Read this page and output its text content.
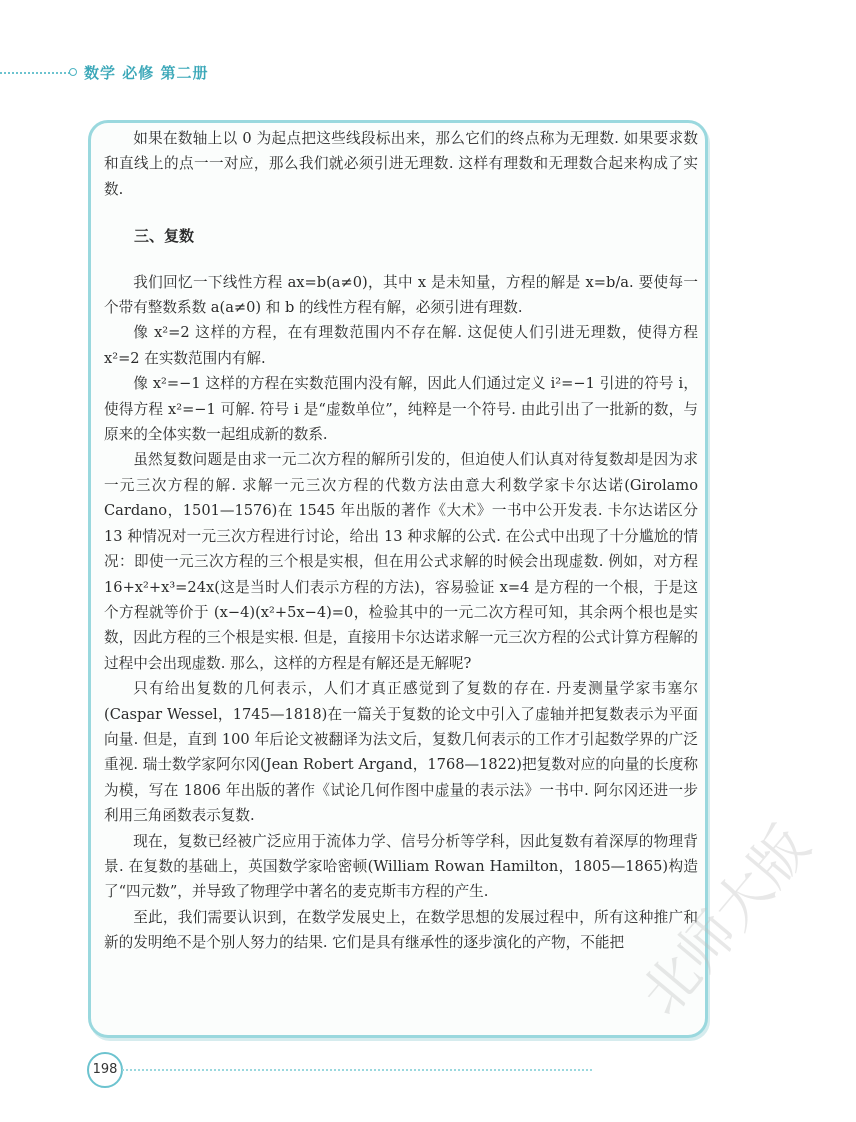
数学 必修 第二册

如果在数轴上以 0 为起点把这些线段标出来，那么它们的终点称为无理数. 如果要求数和直线上的点一一对应，那么我们就必须引进无理数. 这样有理数和无理数合起来构成了实数.

三、复数

我们回忆一下线性方程 ax=b(a≠0)，其中 x 是未知量，方程的解是 x=b/a. 要使每一个带有整数系数 a(a≠0) 和 b 的线性方程有解，必须引进有理数.

像 x²=2 这样的方程，在有理数范围内不存在解. 这促使人们引进无理数，使得方程 x²=2 在实数范围内有解.

像 x²=−1 这样的方程在实数范围内没有解，因此人们通过定义 i²=−1 引进的符号 i，使得方程 x²=−1 可解. 符号 i 是“虚数单位”，纯粹是一个符号. 由此引出了一批新的数，与原来的全体实数一起组成新的数系.

虽然复数问题是由求一元二次方程的解所引发的，但迫使人们认真对待复数却是因为求一元三次方程的解. 求解一元三次方程的代数方法由意大利数学家卡尔达诺(Girolamo Cardano，1501—1576)在 1545 年出版的著作《大术》一书中公开发表. 卡尔达诺区分 13 种情况对一元三次方程进行讨论，给出 13 种求解的公式. 在公式中出现了十分尴尬的情况：即使一元三次方程的三个根是实根，但在用公式求解的时候会出现虚数. 例如，对方程 16+x²+x³=24x(这是当时人们表示方程的方法)，容易验证 x=4 是方程的一个根，于是这个方程就等价于 (x−4)(x²+5x−4)=0，检验其中的一元二次方程可知，其余两个根也是实数，因此方程的三个根是实根. 但是，直接用卡尔达诺求解一元三次方程的公式计算方程解的过程中会出现虚数. 那么，这样的方程是有解还是无解呢?

只有给出复数的几何表示，人们才真正感觉到了复数的存在. 丹麦测量学家韦塞尔(Caspar Wessel，1745—1818)在一篇关于复数的论文中引入了虚轴并把复数表示为平面向量. 但是，直到 100 年后论文被翻译为法文后，复数几何表示的工作才引起数学界的广泛重视. 瑞士数学家阿尔冈(Jean Robert Argand，1768—1822)把复数对应的向量的长度称为模，写在 1806 年出版的著作《试论几何作图中虚量的表示法》一书中. 阿尔冈还进一步利用三角函数表示复数.

现在，复数已经被广泛应用于流体力学、信号分析等学科，因此复数有着深厚的物理背景. 在复数的基础上，英国数学家哈密顿(William Rowan Hamilton，1805—1865)构造了“四元数”，并导致了物理学中著名的麦克斯韦方程的产生.

至此，我们需要认识到，在数学发展史上，在数学思想的发展过程中，所有这种推广和新的发明绝不是个别人努力的结果. 它们是具有继承性的逐步演化的产物，不能把

198
北师大版
